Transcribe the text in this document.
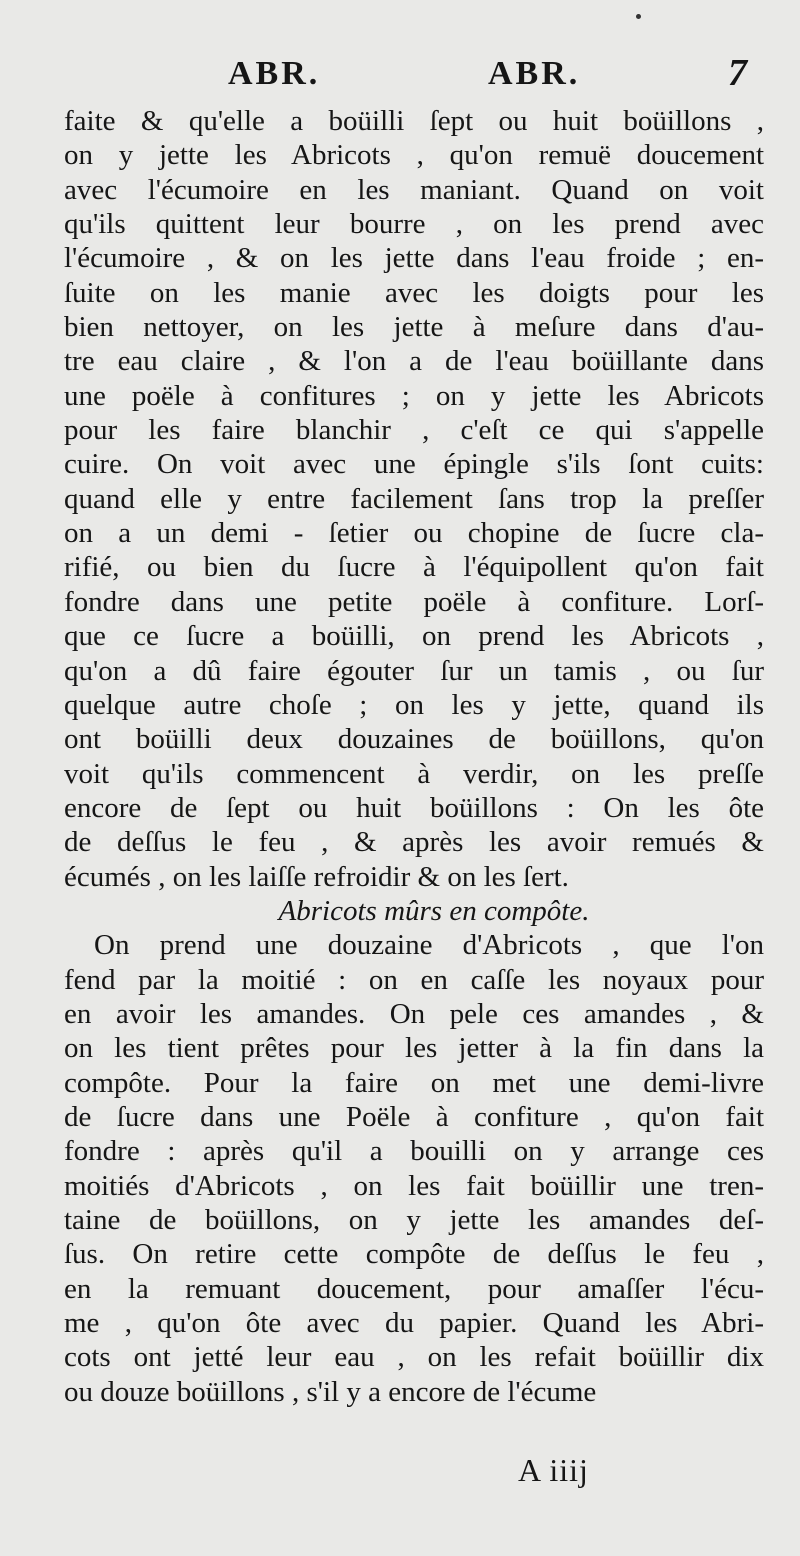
ABR.	ABR.	7
faite & qu'elle a boüilli ſept ou huit boüillons ,
on y jette les Abricots , qu'on remuë doucement
avec l'écumoire en les maniant. Quand on voit
qu'ils quittent leur bourre , on les prend avec
l'écumoire , & on les jette dans l'eau froide ; en-
ſuite on les manie avec les doigts pour les
bien nettoyer, on les jette à meſure dans d'au-
tre eau claire , & l'on a de l'eau boüillante dans
une poële à confitures ; on y jette les Abricots
pour les faire blanchir , c'eſt ce qui s'appelle
cuire. On voit avec une épingle s'ils ſont cuits:
quand elle y entre facilement ſans trop la preſſer
on a un demi - ſetier ou chopine de ſucre cla-
rifié, ou bien du ſucre à l'équipollent qu'on fait
fondre dans une petite poële à confiture. Lorſ-
que ce ſucre a boüilli, on prend les Abricots ,
qu'on a dû faire égouter ſur un tamis , ou ſur
quelque autre choſe ; on les y jette, quand ils
ont boüilli deux douzaines de boüillons, qu'on
voit qu'ils commencent à verdir, on les preſſe
encore de ſept ou huit boüillons : On les ôte
de deſſus le feu , & après les avoir remués &
écumés , on les laiſſe refroidir & on les ſert.
Abricots mûrs en compôte.
On prend une douzaine d'Abricots , que l'on
fend par la moitié : on en caſſe les noyaux pour
en avoir les amandes. On pele ces amandes , &
on les tient prêtes pour les jetter à la fin dans la
compôte. Pour la faire on met une demi-livre
de ſucre dans une Poële à confiture , qu'on fait
fondre : après qu'il a bouilli on y arrange ces
moitiés d'Abricots , on les fait boüillir une tren-
taine de boüillons, on y jette les amandes deſ-
ſus. On retire cette compôte de deſſus le feu ,
en la remuant doucement, pour amaſſer l'écu-
me , qu'on ôte avec du papier. Quand les Abri-
cots ont jetté leur eau , on les refait boüillir dix
ou douze boüillons , s'il y a encore de l'écume
A iiij
